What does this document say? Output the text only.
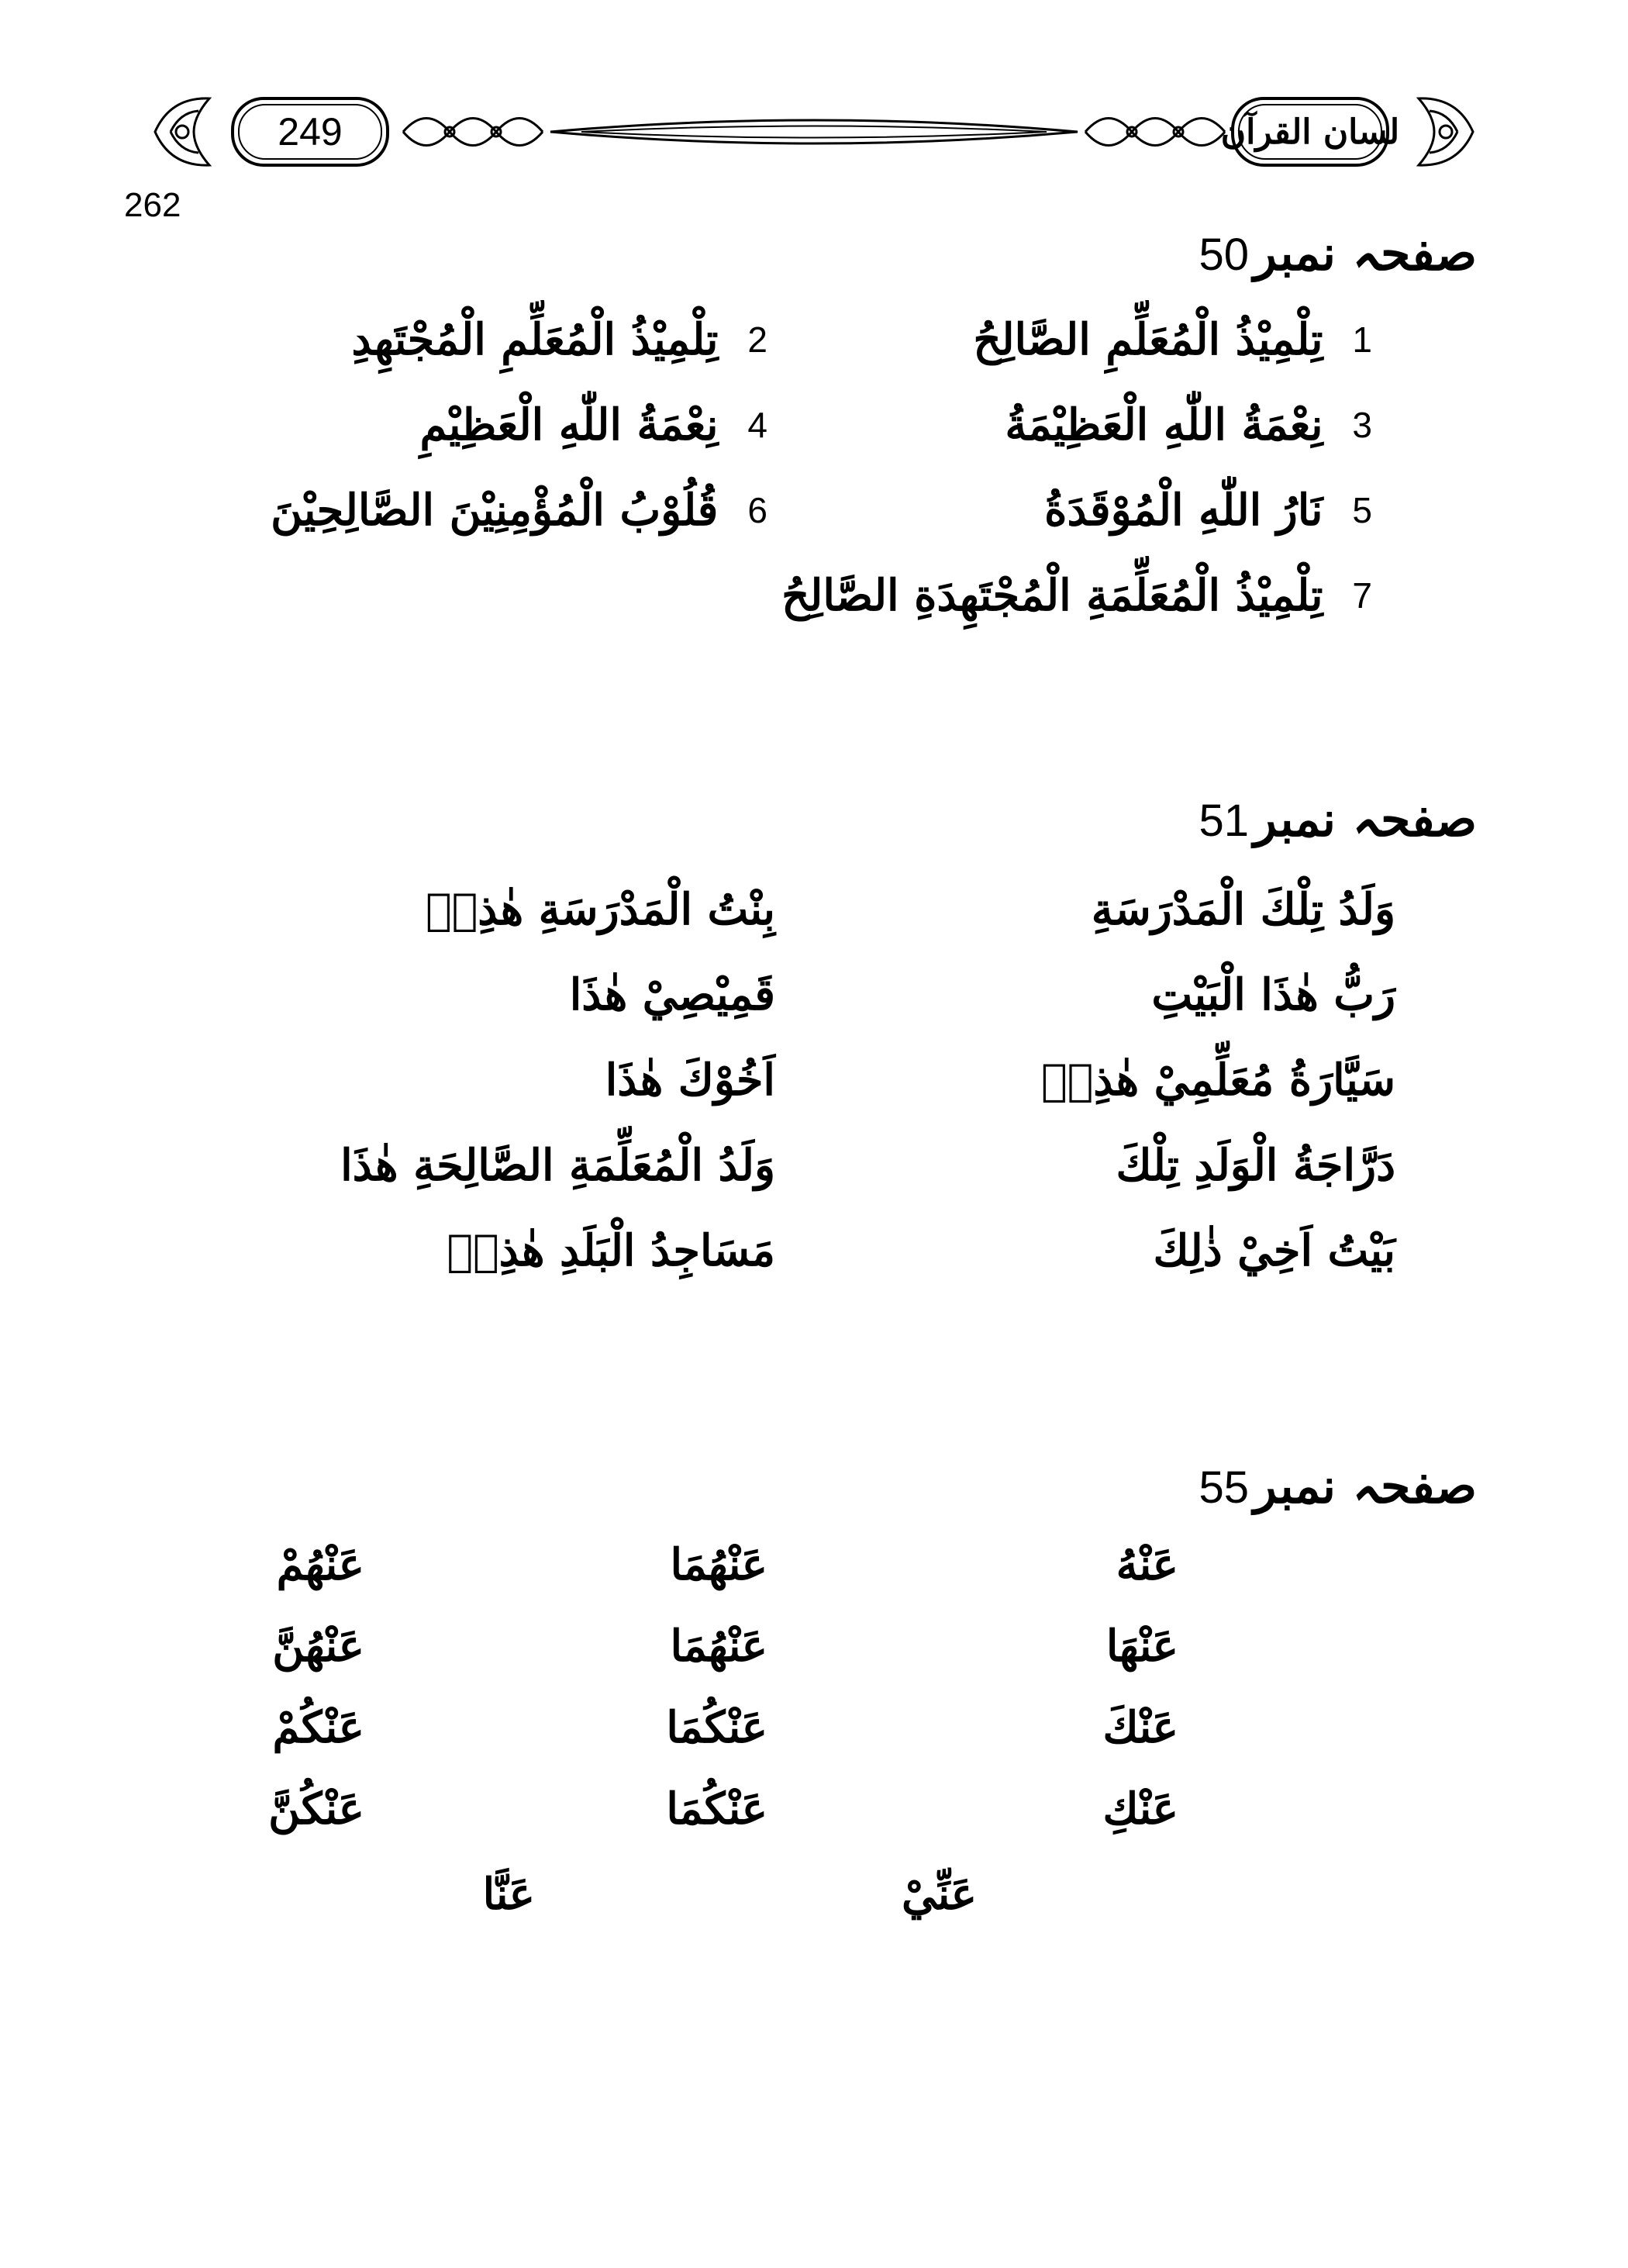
249	لسان القرآن
262
صفحہ نمبر
50
1
تِلْمِيْذُ الْمُعَلِّمِ الصَّالِحُ
2
تِلْمِيْذُ الْمُعَلِّمِ الْمُجْتَهِدِ
3
نِعْمَةُ اللّٰهِ الْعَظِيْمَةُ
4
نِعْمَةُ اللّٰهِ الْعَظِيْمِ
5
نَارُ اللّٰهِ الْمُوْقَدَةُ
6
قُلُوْبُ الْمُؤْمِنِيْنَ الصَّالِحِيْنَ
7
تِلْمِيْذُ الْمُعَلِّمَةِ الْمُجْتَهِدَةِ الصَّالِحُ
صفحہ نمبر
51
وَلَدُ تِلْكَ الْمَدْرَسَةِ
بِنْتُ الْمَدْرَسَةِ هٰذِهٖ
رَبُّ هٰذَا الْبَيْتِ
قَمِيْصِيْ هٰذَا
سَيَّارَةُ مُعَلِّمِيْ هٰذِهٖ
اَخُوْكَ هٰذَا
دَرَّاجَةُ الْوَلَدِ تِلْكَ
وَلَدُ الْمُعَلِّمَةِ الصَّالِحَةِ هٰذَا
بَيْتُ اَخِيْ ذٰلِكَ
مَسَاجِدُ الْبَلَدِ هٰذِهٖ
صفحہ نمبر
55
عَنْهُ
عَنْهُمَا
عَنْهُمْ
عَنْهَا
عَنْهُمَا
عَنْهُنَّ
عَنْكَ
عَنْكُمَا
عَنْكُمْ
عَنْكِ
عَنْكُمَا
عَنْكُنَّ
عَنِّيْ
عَنَّا
